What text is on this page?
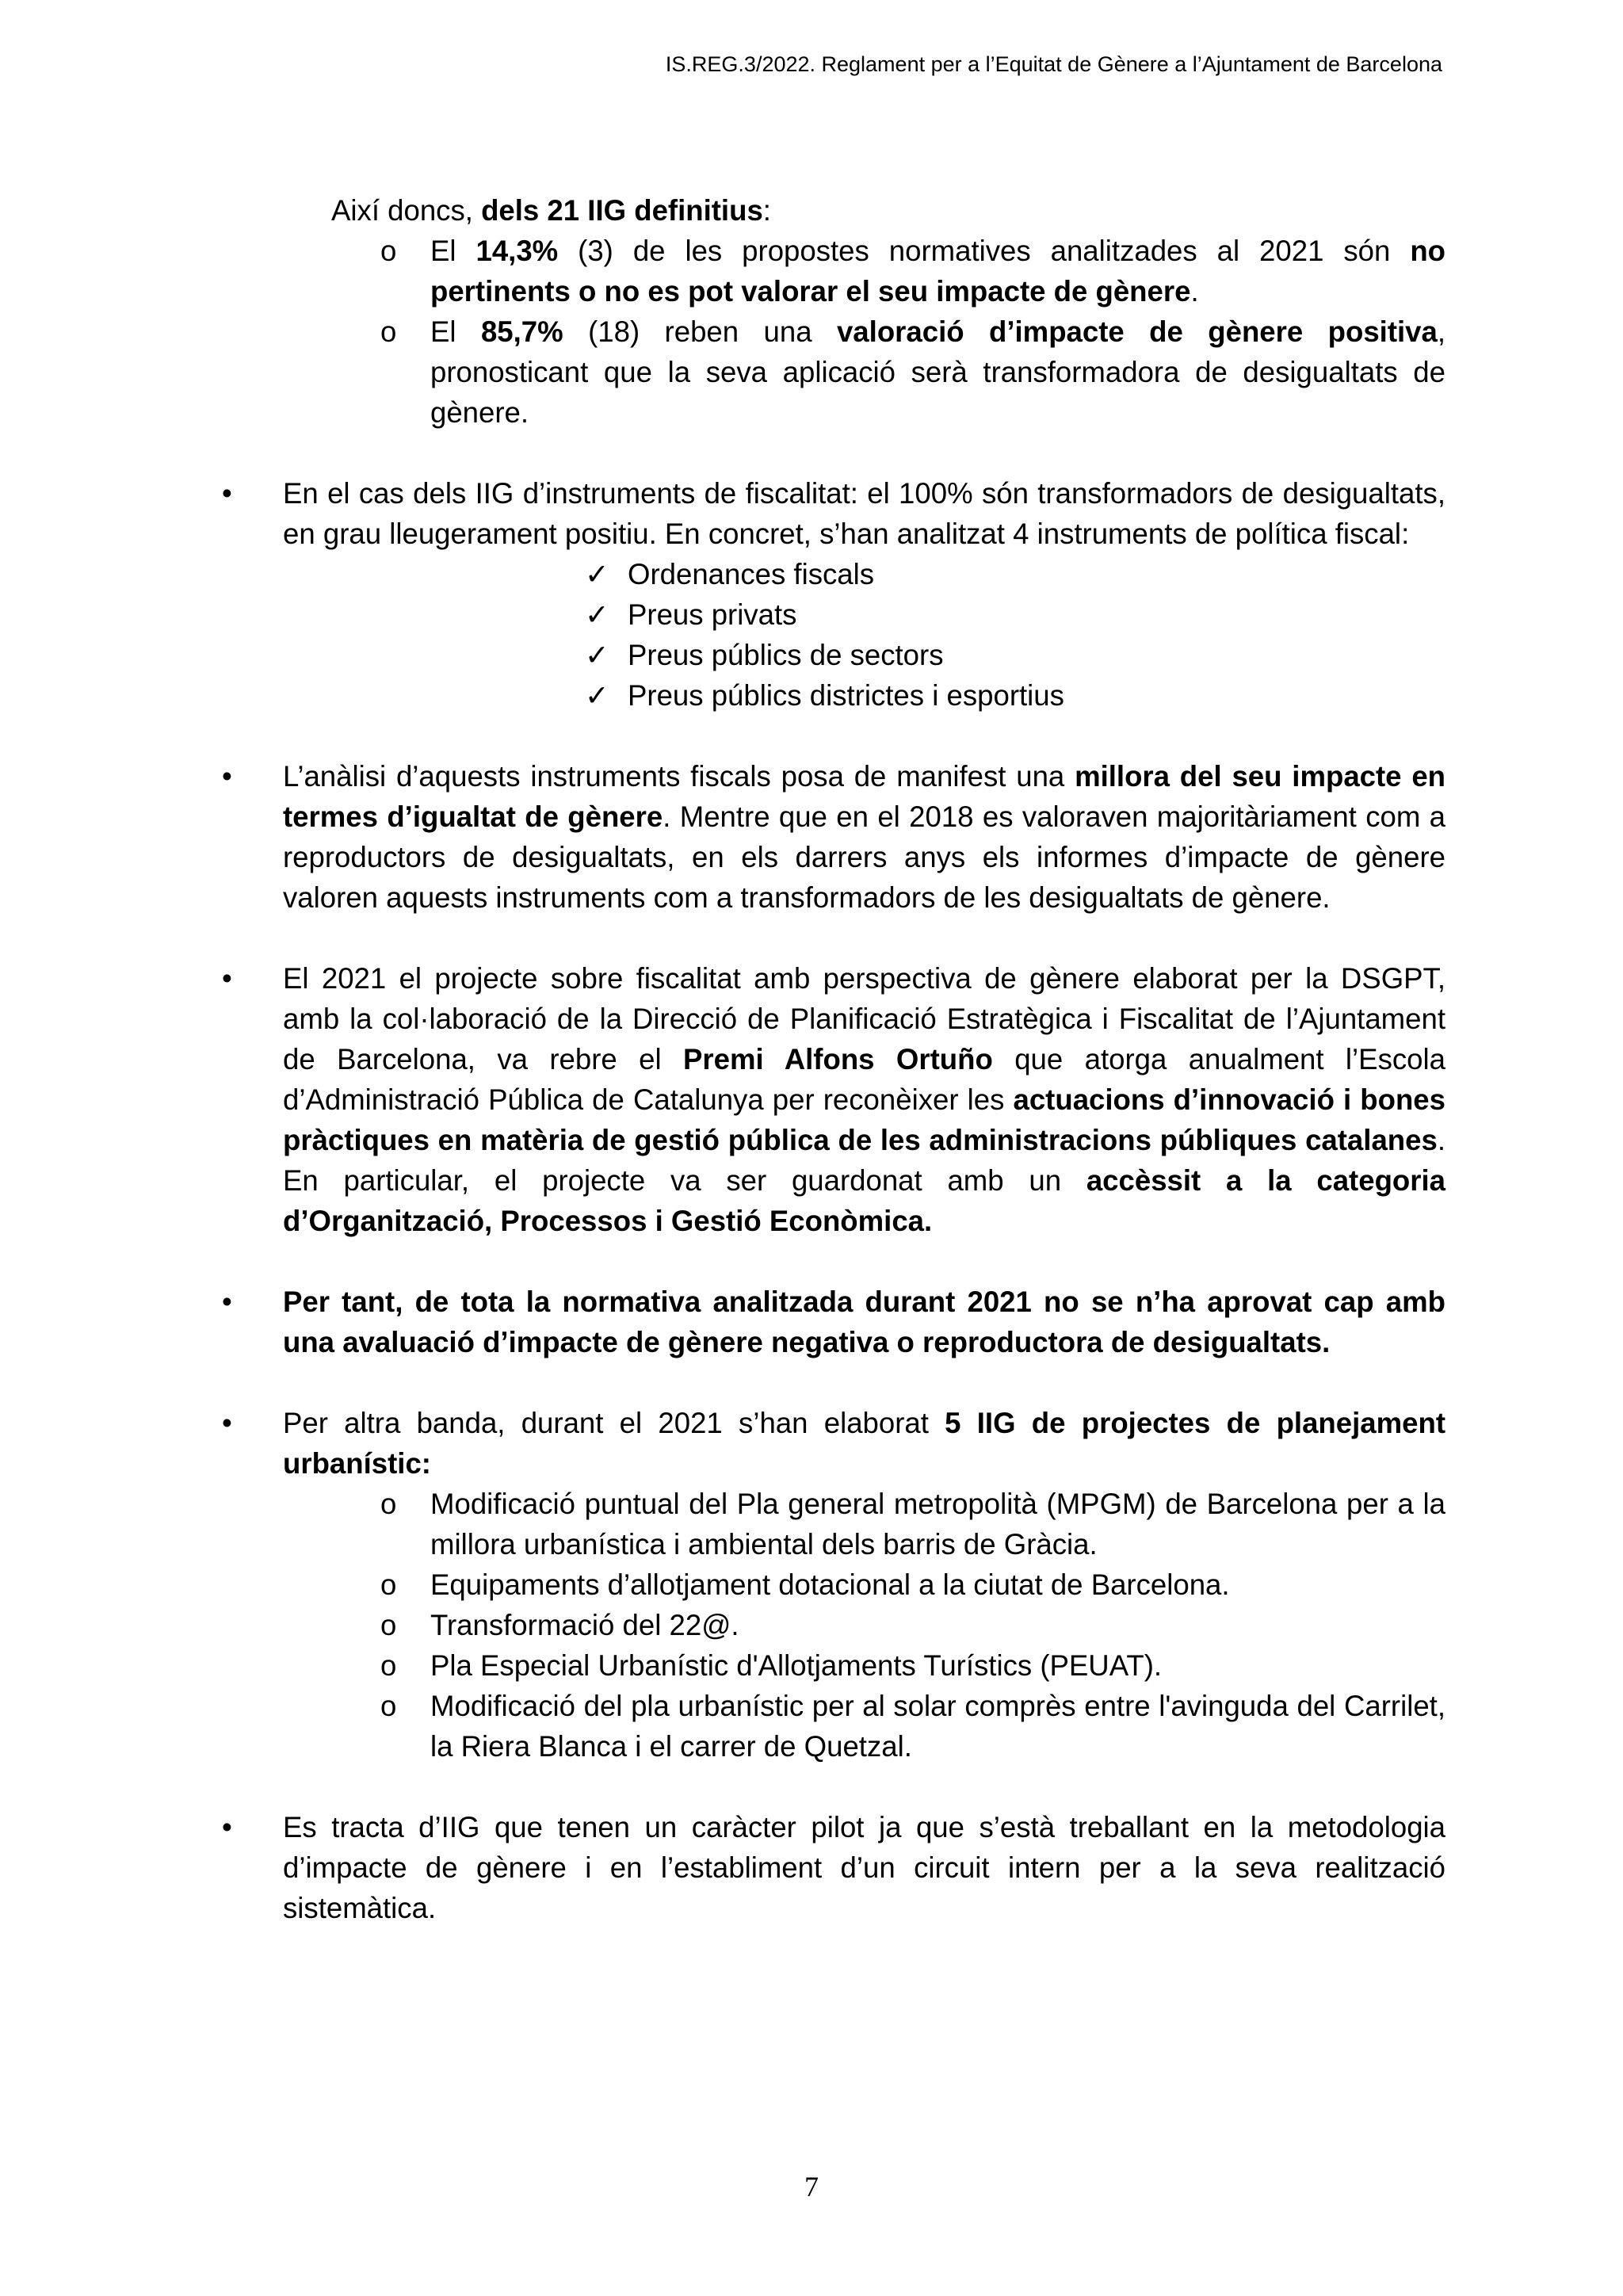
IS.REG.3/2022. Reglament per a l’Equitat de Gènere a l’Ajuntament de Barcelona
Així doncs, dels 21 IIG definitius:
o El 14,3% (3) de les propostes normatives analitzades al 2021 són no pertinents o no es pot valorar el seu impacte de gènere.
o El 85,7% (18) reben una valoració d’impacte de gènere positiva, pronosticant que la seva aplicació serà transformadora de desigualtats de gènere.
• En el cas dels IIG d’instruments de fiscalitat: el 100% són transformadors de desigualtats, en grau lleugerament positiu. En concret, s’han analitzat 4 instruments de política fiscal:
✓ Ordenances fiscals
✓ Preus privats
✓ Preus públics de sectors
✓ Preus públics districtes i esportius
• L’anàlisi d’aquests instruments fiscals posa de manifest una millora del seu impacte en termes d’igualtat de gènere. Mentre que en el 2018 es valoraven majoritàriament com a reproductors de desigualtats, en els darrers anys els informes d’impacte de gènere valoren aquests instruments com a transformadors de les desigualtats de gènere.
• El 2021 el projecte sobre fiscalitat amb perspectiva de gènere elaborat per la DSGPT, amb la col·laboració de la Direcció de Planificació Estratègica i Fiscalitat de l’Ajuntament de Barcelona, va rebre el Premi Alfons Ortuño que atorga anualment l’Escola d’Administració Pública de Catalunya per reconèixer les actuacions d’innovació i bones pràctiques en matèria de gestió pública de les administracions públiques catalanes. En particular, el projecte va ser guardonat amb un accèssit a la categoria d’Organització, Processos i Gestió Econòmica.
• Per tant, de tota la normativa analitzada durant 2021 no se n’ha aprovat cap amb una avaluació d’impacte de gènere negativa o reproductora de desigualtats.
• Per altra banda, durant el 2021 s’han elaborat 5 IIG de projectes de planejament urbanístic:
o Modificació puntual del Pla general metropolità (MPGM) de Barcelona per a la millora urbanística i ambiental dels barris de Gràcia.
o Equipaments d’allotjament dotacional a la ciutat de Barcelona.
o Transformació del 22@.
o Pla Especial Urbanístic d'Allotjaments Turístics (PEUAT).
o Modificació del pla urbanístic per al solar comprès entre l'avinguda del Carrilet, la Riera Blanca i el carrer de Quetzal.
• Es tracta d’IIG que tenen un caràcter pilot ja que s’està treballant en la metodologia d’impacte de gènere i en l’establiment d’un circuit intern per a la seva realització sistemàtica.
7
